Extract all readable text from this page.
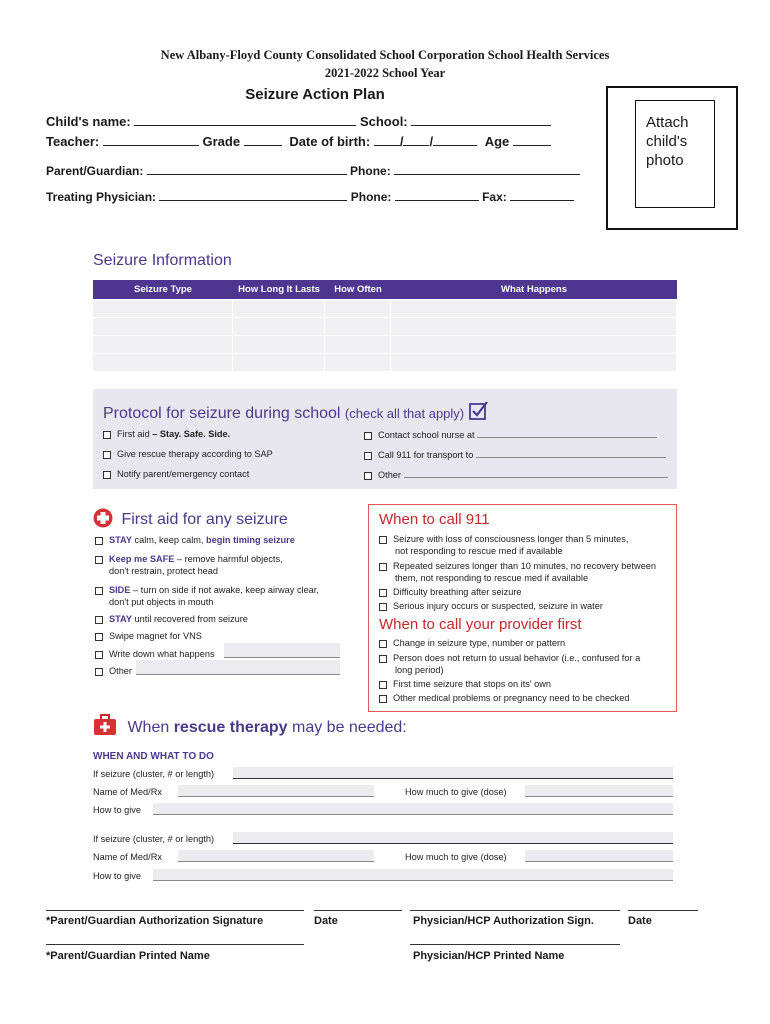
New Albany-Floyd County Consolidated School Corporation School Health Services
2021-2022 School Year
Seizure Action Plan
Attach
child's
photo
Child's name:	School:
Teacher:	Grade	Date of birth: / /	Age
Parent/Guardian:	Phone:
Treating Physician:	Phone:	Fax:
Seizure Information
Seizure Type	How Long It Lasts	How Often	What Happens
Protocol for seizure during school (check all that apply)
First aid – Stay. Safe. Side.
Give rescue therapy according to SAP
Notify parent/emergency contact
Contact school nurse at
Call 911 for transport to
Other
First aid for any seizure
STAY calm, keep calm, begin timing seizure
Keep me SAFE – remove harmful objects,
don't restrain, protect head
SIDE – turn on side if not awake, keep airway clear,
don't put objects in mouth
STAY until recovered from seizure
Swipe magnet for VNS
Write down what happens
Other
When to call 911
Seizure with loss of consciousness longer than 5 minutes,
not responding to rescue med if available
Repeated seizures longer than 10 minutes, no recovery between
them, not responding to rescue med if available
Difficulty breathing after seizure
Serious injury occurs or suspected, seizure in water
When to call your provider first
Change in seizure type, number or pattern
Person does not return to usual behavior (i.e., confused for a
long period)
First time seizure that stops on its' own
Other medical problems or pregnancy need to be checked
When rescue therapy may be needed:
WHEN AND WHAT TO DO
If seizure (cluster, # or length)
Name of Med/Rx	How much to give (dose)
How to give
If seizure (cluster, # or length)
Name of Med/Rx	How much to give (dose)
How to give
*Parent/Guardian Authorization Signature	Date	Physician/HCP Authorization Sign.	Date
*Parent/Guardian Printed Name	Physician/HCP Printed Name
